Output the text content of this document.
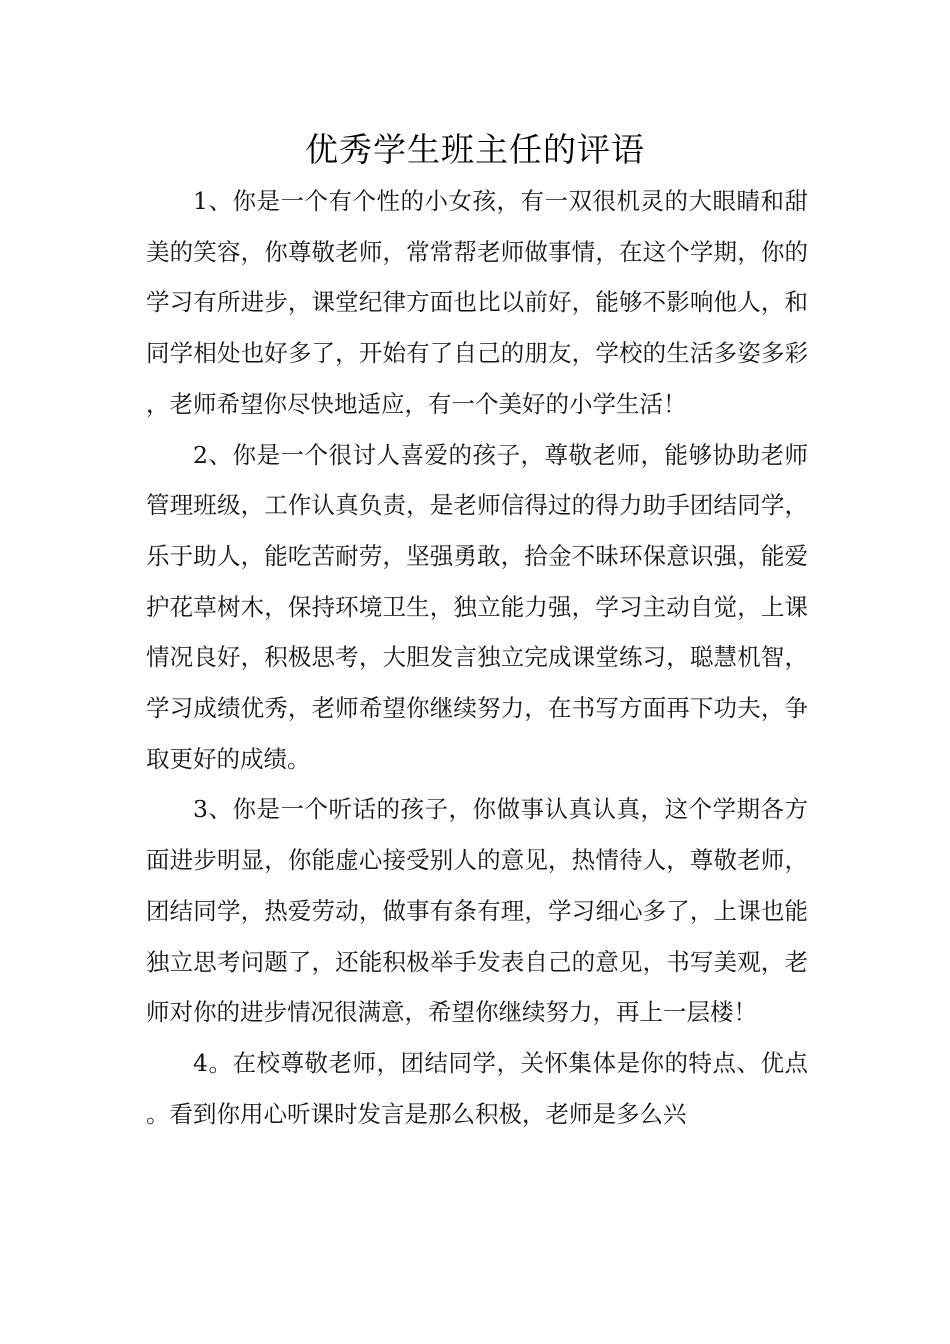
优秀学生班主任的评语

1、你是一个有个性的小女孩，有一双很机灵的大眼睛和甜美的笑容，你尊敬老师，常常帮老师做事情，在这个学期，你的学习有所进步，课堂纪律方面也比以前好，能够不影响他人，和同学相处也好多了，开始有了自己的朋友，学校的生活多姿多彩，老师希望你尽快地适应，有一个美好的小学生活！

2、你是一个很讨人喜爱的孩子，尊敬老师，能够协助老师管理班级，工作认真负责，是老师信得过的得力助手团结同学，乐于助人，能吃苦耐劳，坚强勇敢，拾金不昧环保意识强，能爱护花草树木，保持环境卫生，独立能力强，学习主动自觉，上课情况良好，积极思考，大胆发言独立完成课堂练习，聪慧机智，学习成绩优秀，老师希望你继续努力，在书写方面再下功夫，争取更好的成绩。

3、你是一个听话的孩子，你做事认真认真，这个学期各方面进步明显，你能虚心接受别人的意见，热情待人，尊敬老师，团结同学，热爱劳动，做事有条有理，学习细心多了，上课也能独立思考问题了，还能积极举手发表自己的意见，书写美观，老师对你的进步情况很满意，希望你继续努力，再上一层楼！

4。在校尊敬老师，团结同学，关怀集体是你的特点、优点。看到你用心听课时发言是那么积极，老师是多么兴
